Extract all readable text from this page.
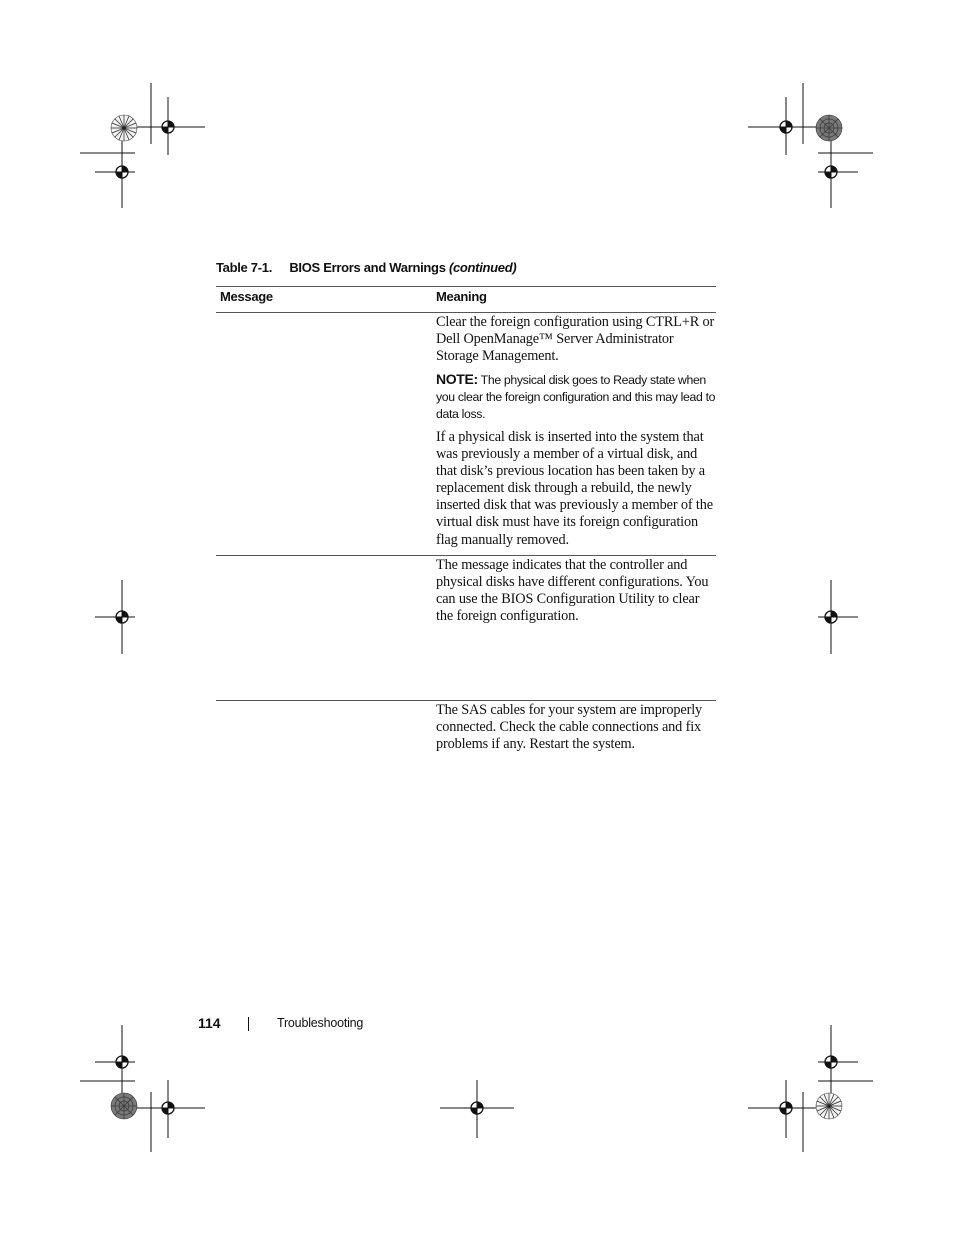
Table 7-1. BIOS Errors and Warnings (continued)
Message	Meaning
Clear the foreign configuration using CTRL+R or Dell OpenManage™ Server Administrator Storage Management.
NOTE: The physical disk goes to Ready state when you clear the foreign configuration and this may lead to data loss.
If a physical disk is inserted into the system that was previously a member of a virtual disk, and that disk’s previous location has been taken by a replacement disk through a rebuild, the newly inserted disk that was previously a member of the virtual disk must have its foreign configuration flag manually removed.
The message indicates that the controller and physical disks have different configurations. You can use the BIOS Configuration Utility to clear the foreign configuration.
The SAS cables for your system are improperly connected. Check the cable connections and fix problems if any. Restart the system.
114	Troubleshooting
